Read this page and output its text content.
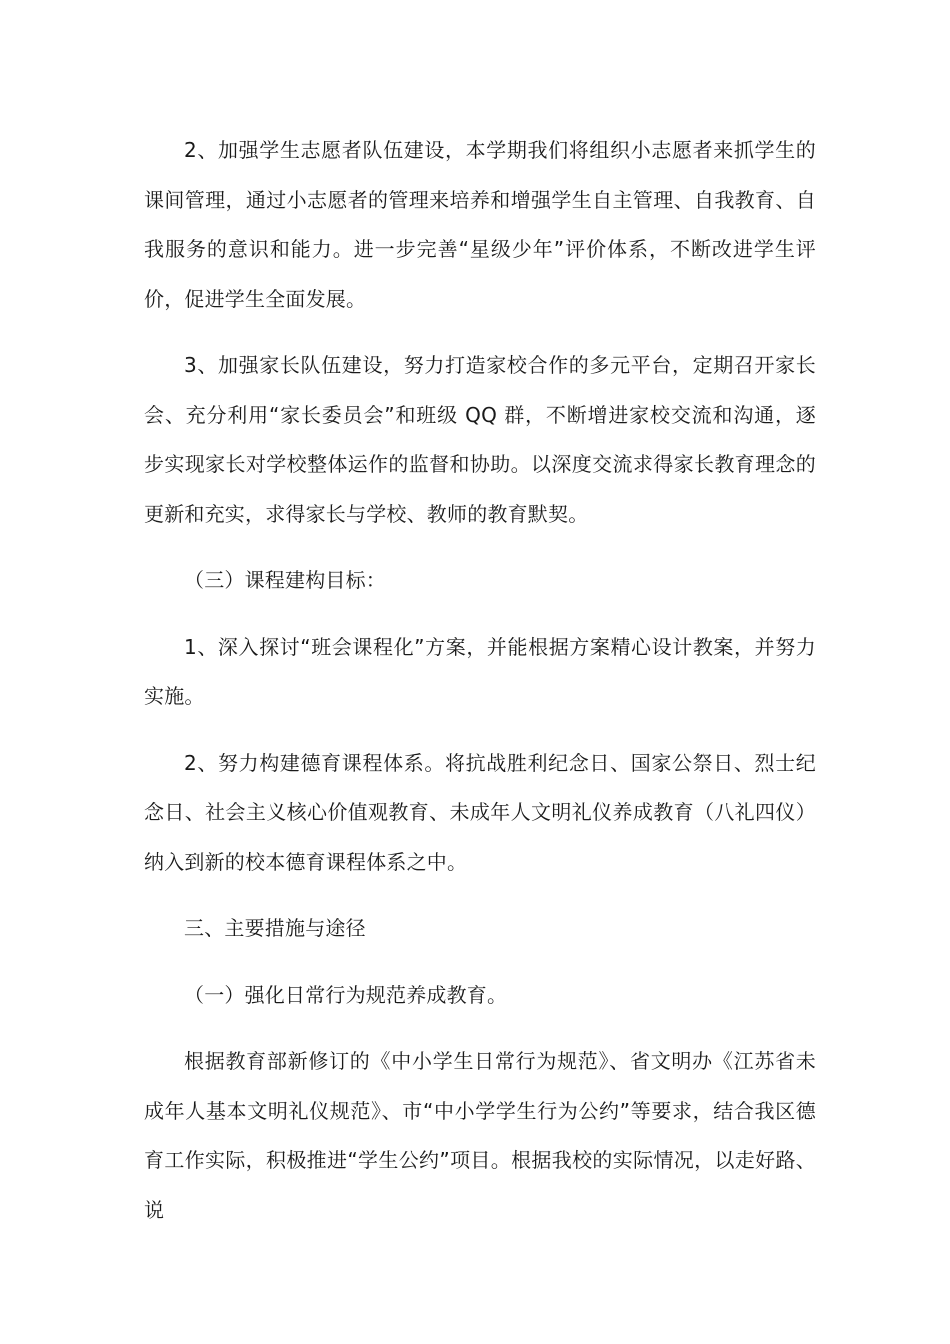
2、加强学生志愿者队伍建设，本学期我们将组织小志愿者来抓学生的课间管理，通过小志愿者的管理来培养和增强学生自主管理、自我教育、自我服务的意识和能力。进一步完善“星级少年”评价体系，不断改进学生评价，促进学生全面发展。

3、加强家长队伍建设，努力打造家校合作的多元平台，定期召开家长会、充分利用“家长委员会”和班级 QQ 群，不断增进家校交流和沟通，逐步实现家长对学校整体运作的监督和协助。以深度交流求得家长教育理念的更新和充实，求得家长与学校、教师的教育默契。

（三）课程建构目标：

1、深入探讨“班会课程化”方案，并能根据方案精心设计教案，并努力实施。

2、努力构建德育课程体系。将抗战胜利纪念日、国家公祭日、烈士纪念日、社会主义核心价值观教育、未成年人文明礼仪养成教育（八礼四仪）纳入到新的校本德育课程体系之中。

三、主要措施与途径

（一）强化日常行为规范养成教育。

根据教育部新修订的《中小学生日常行为规范》、省文明办《江苏省未成年人基本文明礼仪规范》、市“中小学学生行为公约”等要求，结合我区德育工作实际，积极推进“学生公约”项目。根据我校的实际情况，以走好路、说
